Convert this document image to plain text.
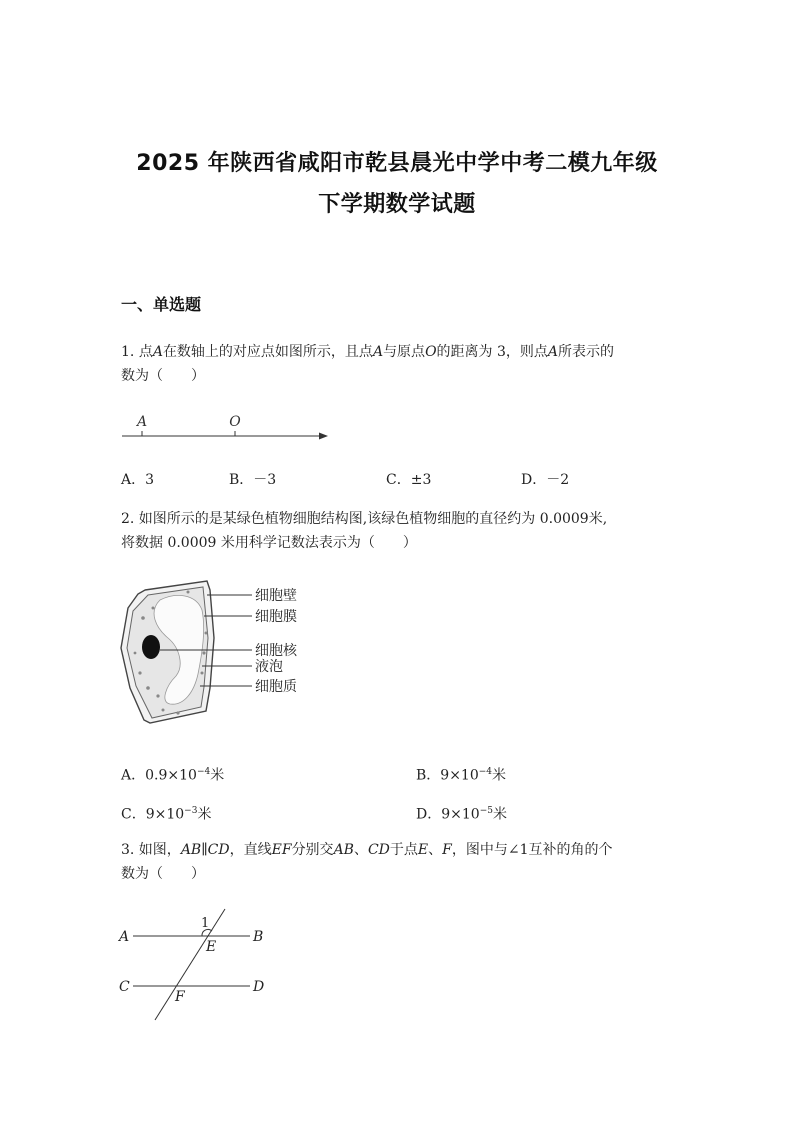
2025 年陕西省咸阳市乾县晨光中学中考二模九年级
下学期数学试题
一、单选题
1. 点A在数轴上的对应点如图所示，且点A与原点O的距离为 3，则点A所表示的
数为（　　）
A	O
A．3	B．－3	C．±3	D．－2
2. 如图所示的是某绿色植物细胞结构图,该绿色植物细胞的直径约为 0.0009米,
将数据 0.0009 米用科学记数法表示为（　　）
细胞壁
细胞膜
细胞核
液泡
细胞质
A．$0.9\times 10^{-4}$米	B．$9\times 10^{-4}$米
C．$9\times 10^{-3}$米	D．$9\times 10^{-5}$米
3. 如图，AB∥CD，直线EF分别交AB、CD于点E、F，图中与∠1互补的角的个
数为（　　）
1
A	B
E
C	D
F
